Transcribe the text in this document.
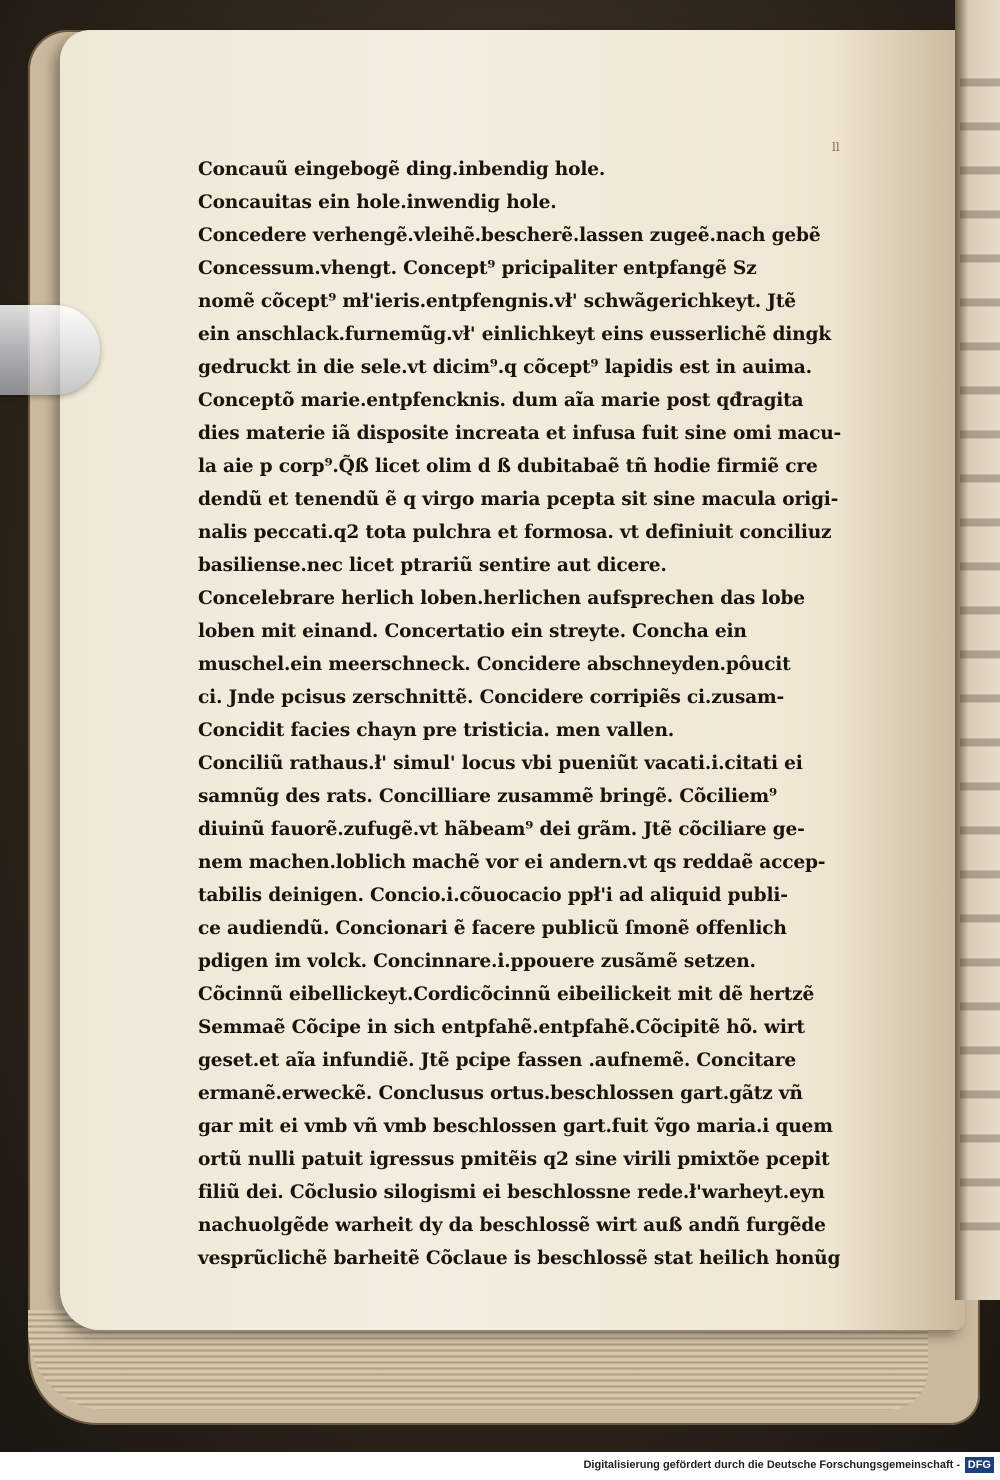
ll
Concauũ eingebogẽ ding.inbendig hole.
Concauitas ein hole.inwendig hole.
Concedere verhengẽ.vleihẽ.bescherẽ.lassen zugeẽ.nach gebẽ
Concessum.vhengt. Concept⁹ pricipaliter entpfangẽ Sz
nomẽ cõcept⁹ mł'ieris.entpfengnis.vł' schwãgerichkeyt. Jtẽ
ein anschlack.furnemũg.vł' einlichkeyt eins eusserlichẽ dingk
gedruckt in die sele.vt dicim⁹.q cõcept⁹ lapidis est in auima.
Conceptõ marie.entpfencknis. dum aĩa marie post qđragita
dies materie iã disposite increata et infusa fuit sine omi macu-
la aie p corp⁹.Q̃ß licet olim d ß dubitabaẽ tñ hodie firmiẽ cre
dendũ et tenendũ ẽ q virgo maria pcepta sit sine macula origi-
nalis peccati.q2 tota pulchra et formosa. vt definiuit conciliuz
basiliense.nec licet ptrariũ sentire aut dicere.
Concelebrare herlich loben.herlichen aufsprechen das lobe
loben mit einand. Concertatio ein streyte. Concha ein
muschel.ein meerschneck. Concidere abschneyden.pôucit
ci. Jnde pcisus zerschnittẽ. Concidere corripiẽs ci.zusam-
Concidit facies chayn pre tristicia. men vallen.
Conciliũ rathaus.ł' simul' locus vbi pueniũt vacati.i.citati ei
samnũg des rats. Concilliare zusammẽ bringẽ. Cõciliem⁹
diuinũ fauorẽ.zufugẽ.vt hãbeam⁹ dei grãm. Jtẽ cõciliare ge-
nem machen.loblich machẽ vor ei andern.vt qs reddaẽ accep-
tabilis deinigen. Concio.i.cõuocacio ppł'i ad aliquid publi-
ce audiendũ. Concionari ẽ facere publicũ ſmonẽ offenlich
pdigen im volck. Concinnare.i.ppouere zusãmẽ setzen.
Cõcinnũ eibellickeyt.Cordicõcinnũ eibeilickeit mit dẽ hertzẽ
Semmaẽ Cõcipe in sich entpfahẽ.entpfahẽ.Cõcipitẽ hõ. wirt
geset.et aĩa infundiẽ. Jtẽ pcipe fassen .aufnemẽ. Concitare
ermanẽ.erweckẽ. Conclusus ortus.beschlossen gart.gãtz vñ
gar mit ei vmb vñ vmb beschlossen gart.fuit ṽgo maria.i quem
ortũ nulli patuit igressus pmitẽis q2 sine virili pmixtõe pcepit
filiũ dei. Cõclusio silogismi ei beschlossne rede.ł'warheyt.eyn
nachuolgẽde warheit dy da beschlossẽ wirt auß andñ furgẽde
vesprũclichẽ barheitẽ Cõclaue is beschlossẽ stat heilich honũg
Digitalisierung gefördert durch die Deutsche Forschungsgemeinschaft - DFG
